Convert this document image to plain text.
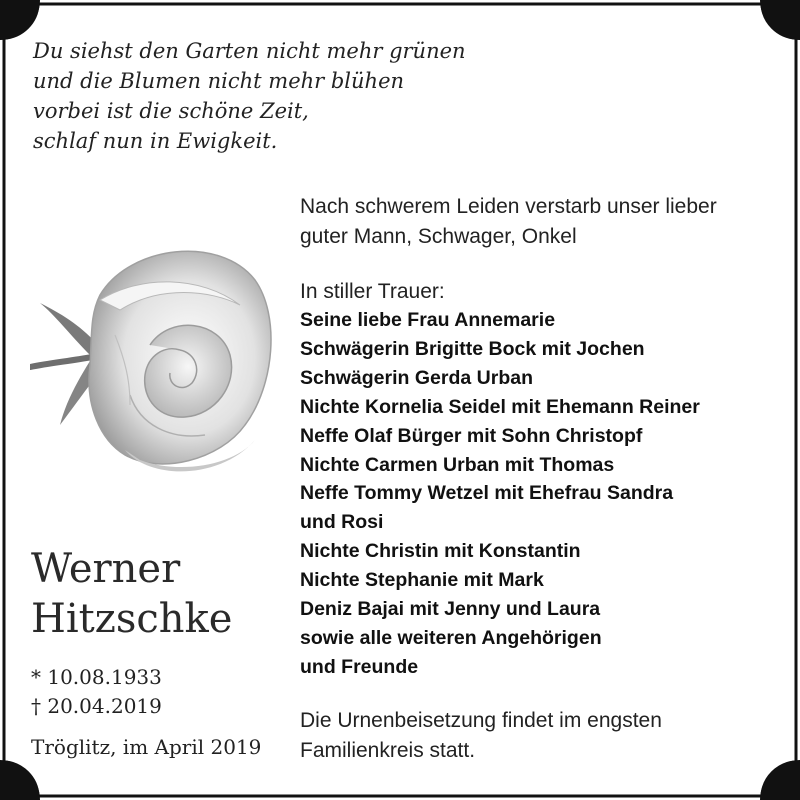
Du siehst den Garten nicht mehr grünen
und die Blumen nicht mehr blühen
vorbei ist die schöne Zeit,
schlaf nun in Ewigkeit.
Nach schwerem Leiden verstarb unser lieber
guter Mann, Schwager, Onkel
In stiller Trauer:
Seine liebe Frau Annemarie
Schwägerin Brigitte Bock mit Jochen
Schwägerin Gerda Urban
Nichte Kornelia Seidel mit Ehemann Reiner
Neffe Olaf Bürger mit Sohn Christopf
Nichte Carmen Urban mit Thomas
Neffe Tommy Wetzel mit Ehefrau Sandra
und Rosi
Nichte Christin mit Konstantin
Nichte Stephanie mit Mark
Deniz Bajai mit Jenny und Laura
sowie alle weiteren Angehörigen
und Freunde
Die Urnenbeisetzung findet im engsten
Familienkreis statt.
Werner
Hitzschke
* 10.08.1933
† 20.04.2019
Tröglitz, im April 2019
